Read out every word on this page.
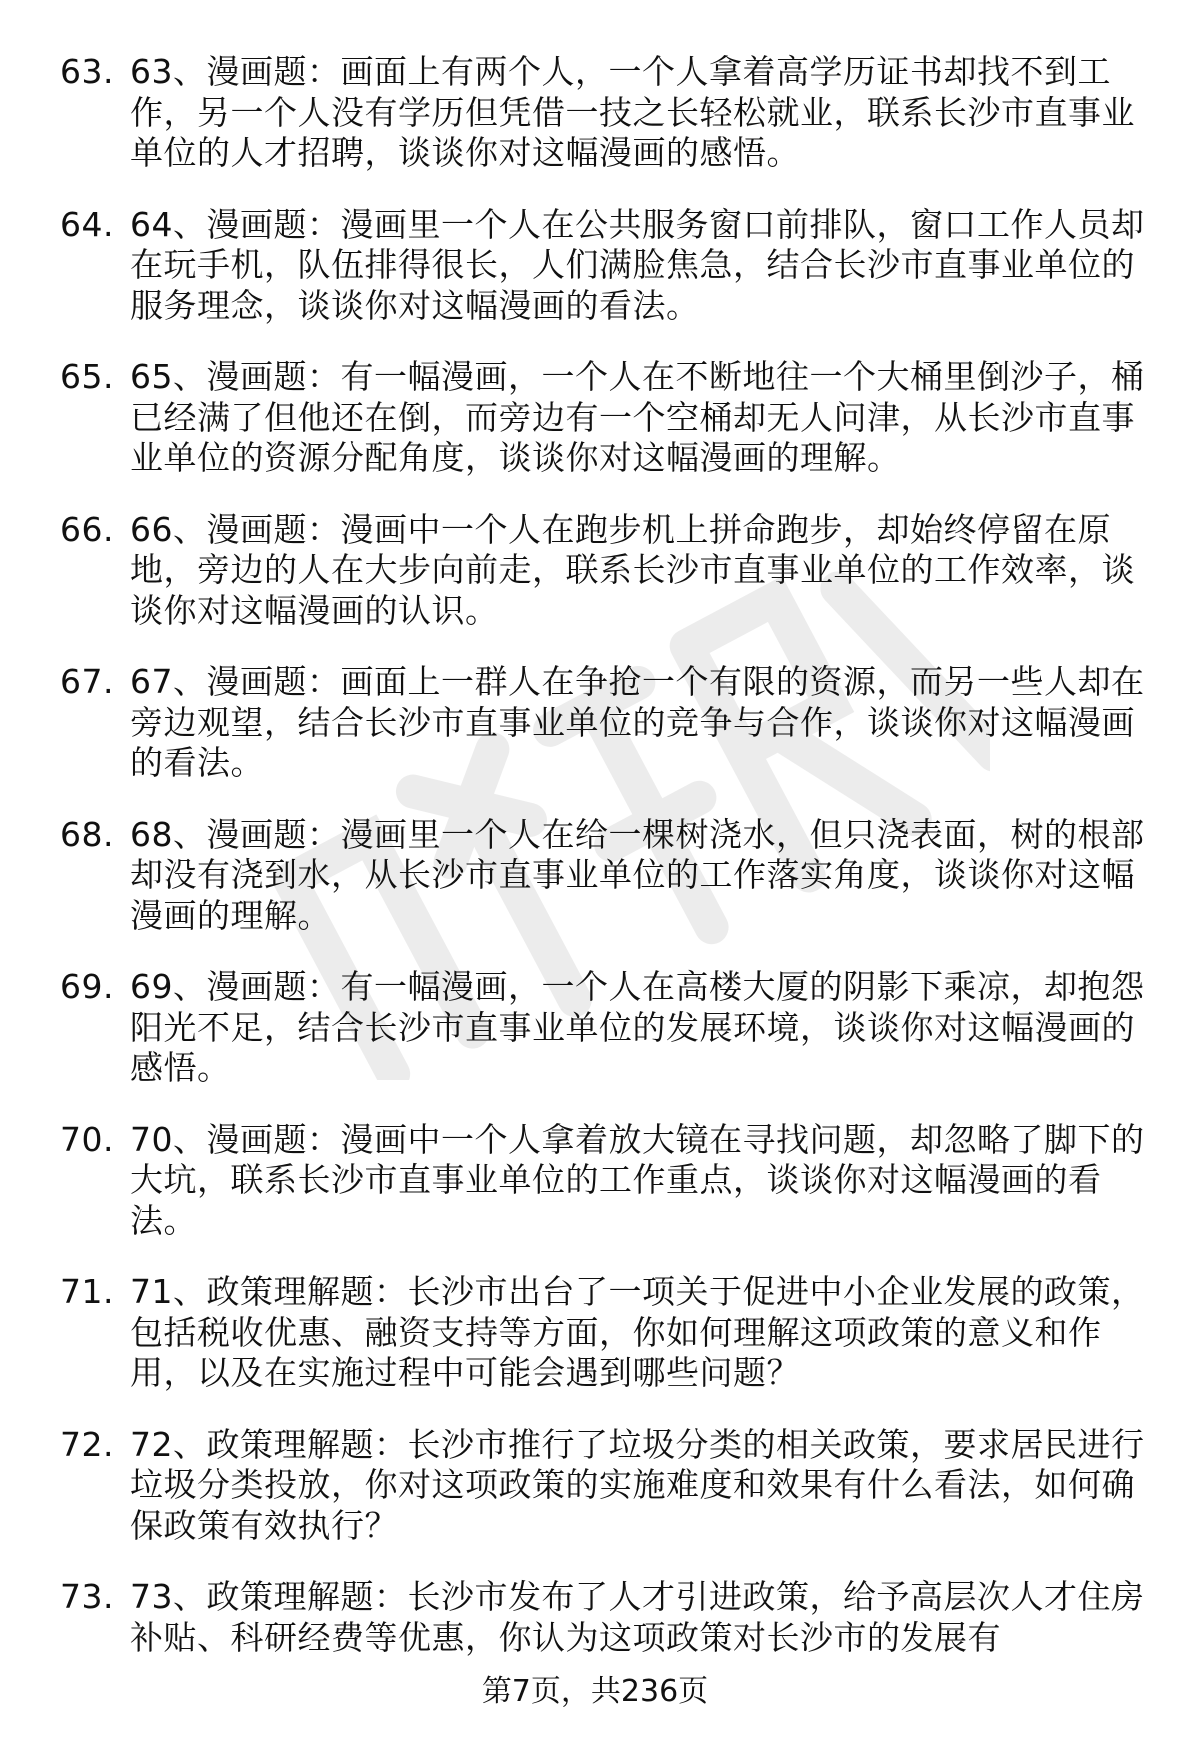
63. 63、漫画题：画面上有两个人，一个人拿着高学历证书却找不到工作，另一个人没有学历但凭借一技之长轻松就业，联系长沙市直事业单位的人才招聘，谈谈你对这幅漫画的感悟。
64. 64、漫画题：漫画里一个人在公共服务窗口前排队，窗口工作人员却在玩手机，队伍排得很长，人们满脸焦急，结合长沙市直事业单位的服务理念，谈谈你对这幅漫画的看法。
65. 65、漫画题：有一幅漫画，一个人在不断地往一个大桶里倒沙子，桶已经满了但他还在倒，而旁边有一个空桶却无人问津，从长沙市直事业单位的资源分配角度，谈谈你对这幅漫画的理解。
66. 66、漫画题：漫画中一个人在跑步机上拼命跑步，却始终停留在原地，旁边的人在大步向前走，联系长沙市直事业单位的工作效率，谈谈你对这幅漫画的认识。
67. 67、漫画题：画面上一群人在争抢一个有限的资源，而另一些人却在旁边观望，结合长沙市直事业单位的竞争与合作，谈谈你对这幅漫画的看法。
68. 68、漫画题：漫画里一个人在给一棵树浇水，但只浇表面，树的根部却没有浇到水，从长沙市直事业单位的工作落实角度，谈谈你对这幅漫画的理解。
69. 69、漫画题：有一幅漫画，一个人在高楼大厦的阴影下乘凉，却抱怨阳光不足，结合长沙市直事业单位的发展环境，谈谈你对这幅漫画的感悟。
70. 70、漫画题：漫画中一个人拿着放大镜在寻找问题，却忽略了脚下的大坑，联系长沙市直事业单位的工作重点，谈谈你对这幅漫画的看法。
71. 71、政策理解题：长沙市出台了一项关于促进中小企业发展的政策，包括税收优惠、融资支持等方面，你如何理解这项政策的意义和作用，以及在实施过程中可能会遇到哪些问题？
72. 72、政策理解题：长沙市推行了垃圾分类的相关政策，要求居民进行垃圾分类投放，你对这项政策的实施难度和效果有什么看法，如何确保政策有效执行？
73. 73、政策理解题：长沙市发布了人才引进政策，给予高层次人才住房补贴、科研经费等优惠，你认为这项政策对长沙市的发展有
第7页，共236页
